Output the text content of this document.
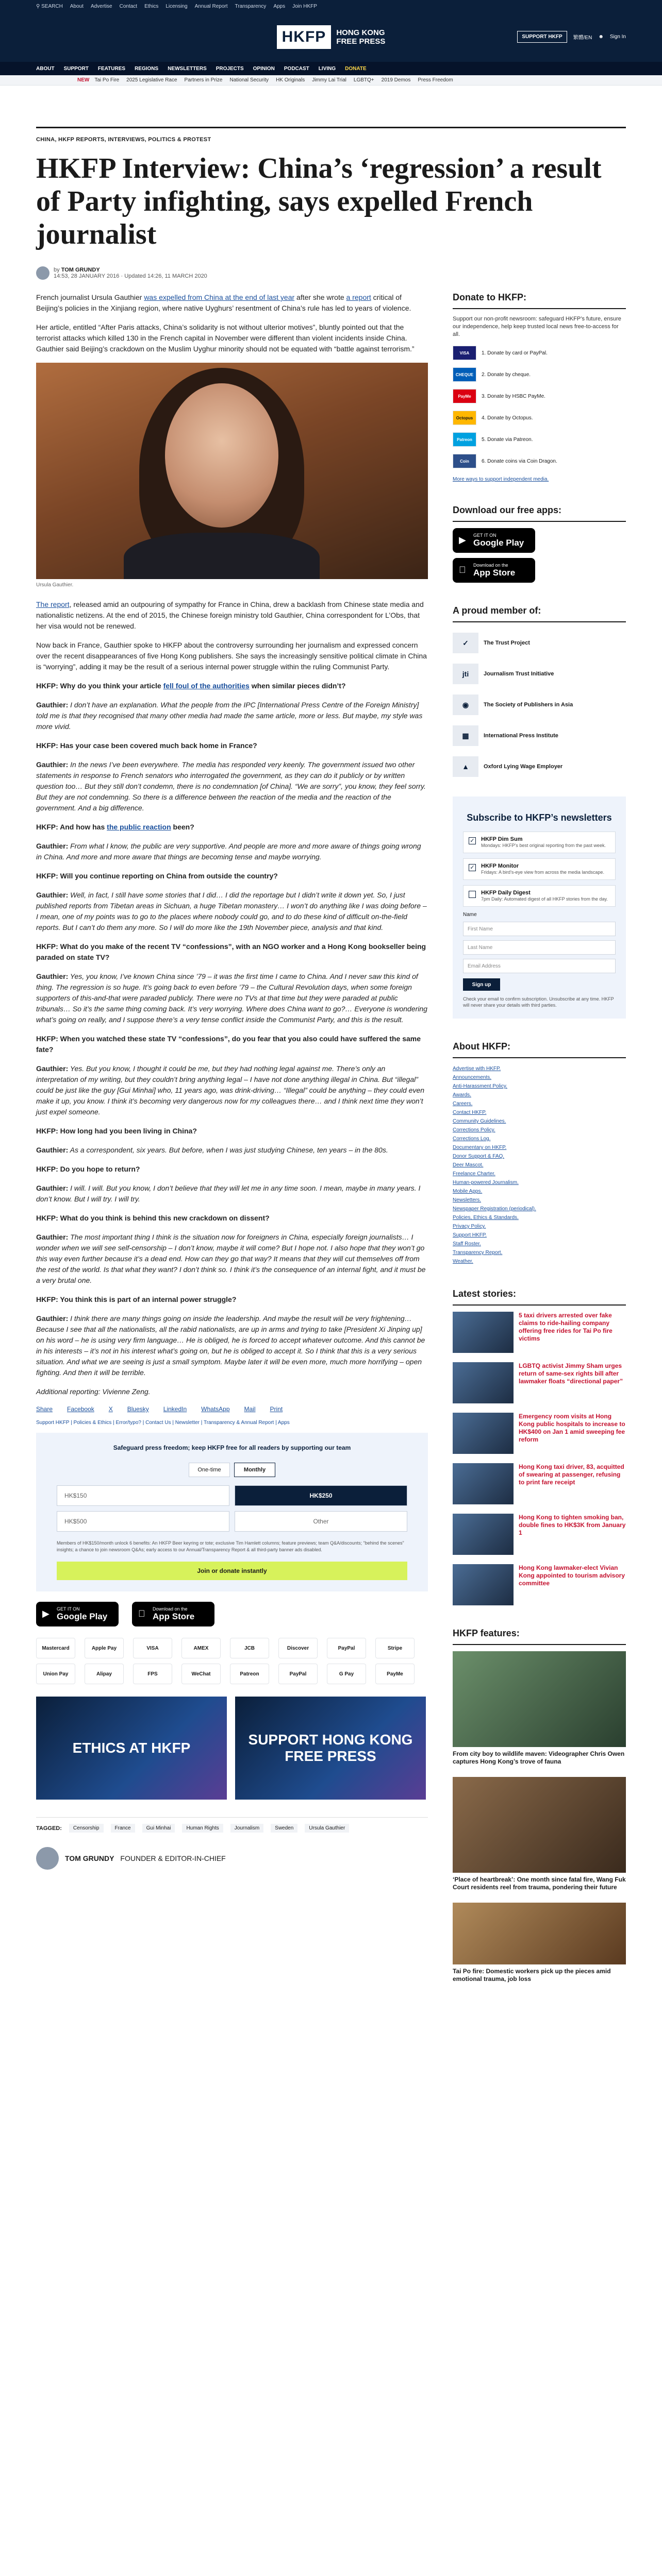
⚲ SEARCH About Advertise Contact Ethics Licensing Annual Report Transparency Apps Join HKFP
HKFP	HONG KONG
FREE PRESS
SUPPORT HKFP	繁體/EN ☻ Sign In
ABOUT SUPPORT FEATURES REGIONS NEWSLETTERS PROJECTS OPINION PODCAST LIVING DONATE
NEW Tai Po Fire 2025 Legislative Race Partners in Prize National Security HK Originals Jimmy Lai Trial LGBTQ+ 2019 Demos Press Freedom
CHINA, HKFP REPORTS, INTERVIEWS, POLITICS & PROTEST
HKFP Interview: China’s ‘regression’ a result of Party infighting, says expelled French journalist
by TOM GRUNDY
14:53, 28 JANUARY 2016 · Updated 14:26, 11 MARCH 2020

French journalist Ursula Gauthier was expelled from China at the end of last year after she wrote a report critical of Beijing’s policies in the Xinjiang region, where native Uyghurs’ resentment of China’s rule has led to years of violence.

Her article, entitled “After Paris attacks, China’s solidarity is not without ulterior motives”, bluntly pointed out that the terrorist attacks which killed 130 in the French capital in November were different than violent incidents inside China. Gauthier said Beijing’s crackdown on the Muslim Uyghur minority should not be equated with “battle against terrorism.”

Ursula Gauthier.

The report, released amid an outpouring of sympathy for France in China, drew a backlash from Chinese state media and nationalistic netizens. At the end of 2015, the Chinese foreign ministry told Gauthier, China correspondent for L’Obs, that her visa would not be renewed.

Now back in France, Gauthier spoke to HKFP about the controversy surrounding her journalism and expressed concern over the recent disappearances of five Hong Kong publishers. She says the increasingly sensitive political climate in China is “worrying”, adding it may be the result of a serious internal power struggle within the ruling Communist Party.

HKFP: Why do you think your article fell foul of the authorities when similar pieces didn’t?

Gauthier: I don’t have an explanation. What the people from the IPC [International Press Centre of the Foreign Ministry] told me is that they recognised that many other media had made the same article, more or less. But maybe, my style was more vivid.

HKFP: Has your case been covered much back home in France?

Gauthier: In the news I’ve been everywhere. The media has responded very keenly. The government issued two other statements in response to French senators who interrogated the government, as they can do it publicly or by written question too… But they still don’t condemn, there is no condemnation [of China]. “We are sorry”, you know, they feel sorry. But they are not condemning. So there is a difference between the reaction of the media and the reaction of the government. And a big difference.

HKFP: And how has the public reaction been?

Gauthier: From what I know, the public are very supportive. And people are more and more aware of things going wrong in China. And more and more aware that things are becoming tense and maybe worrying.

HKFP: Will you continue reporting on China from outside the country?

Gauthier: Well, in fact, I still have some stories that I did… I did the reportage but I didn’t write it down yet. So, I just published reports from Tibetan areas in Sichuan, a huge Tibetan monastery… I won’t do anything like I was doing before – I mean, one of my points was to go to the places where nobody could go, and to do these kind of difficult on-the-field reports. But I can’t do them any more. So I will do more like the 19th November piece, analysis and that kind.

HKFP: What do you make of the recent TV “confessions”, with an NGO worker and a Hong Kong bookseller being paraded on state TV?

Gauthier: Yes, you know, I’ve known China since ’79 – it was the first time I came to China. And I never saw this kind of thing. The regression is so huge. It’s going back to even before ’79 – the Cultural Revolution days, when some foreign supporters of this-and-that were paraded publicly. There were no TVs at that time but they were paraded at public tribunals… So it’s the same thing coming back. It’s very worrying. Where does China want to go?… Everyone is wondering what’s going on really, and I suppose there’s a very tense conflict inside the Communist Party, and this is the result.

HKFP: When you watched these state TV “confessions”, do you fear that you also could have suffered the same fate?

Gauthier: Yes. But you know, I thought it could be me, but they had nothing legal against me. There’s only an interpretation of my writing, but they couldn’t bring anything legal – I have not done anything illegal in China. But “illegal” could be just like the guy [Gui Minhai] who, 11 years ago, was drink-driving… “Illegal” could be anything – they could even make it up, you know. I think it’s becoming very dangerous now for my colleagues there… and I think next time they won’t just expel someone.

HKFP: How long had you been living in China?

Gauthier: As a correspondent, six years. But before, when I was just studying Chinese, ten years – in the 80s.

HKFP: Do you hope to return?

Gauthier: I will. I will. But you know, I don’t believe that they will let me in any time soon. I mean, maybe in many years. I don’t know. But I will try. I will try.

HKFP: What do you think is behind this new crackdown on dissent?

Gauthier: The most important thing I think is the situation now for foreigners in China, especially foreign journalists… I wonder when we will see self-censorship – I don’t know, maybe it will come? But I hope not. I also hope that they won’t go this way even further because it’s a dead end. How can they go that way? It means that they will cut themselves off from the rest of the world. Is that what they want? I don’t think so. I think it’s the consequence of an internal fight, and it must be a very brutal one.

HKFP: You think this is part of an internal power struggle?

Gauthier: I think there are many things going on inside the leadership. And maybe the result will be very frightening… Because I see that all the nationalists, all the rabid nationalists, are up in arms and trying to take [President Xi Jinping up] on his word – he is using very firm language… He is obliged, he is forced to accept whatever outcome. And this cannot be in his interests – it’s not in his interest what’s going on, but he is obliged to accept it. So I think that this is a very serious situation. And what we are seeing is just a small symptom. Maybe later it will be even more, much more horrifying – open fighting. And then it will be terrible.

Additional reporting: Vivienne Zeng.

Share Facebook X Bluesky LinkedIn WhatsApp Mail Print
Support HKFP | Policies & Ethics | Error/typo? | Contact Us | Newsletter | Transparency & Annual Report | Apps
Safeguard press freedom; keep HKFP free for all readers by supporting our team
One-time	Monthly
HK$150	HK$250
HK$500	Other
Members of HK$150/month unlock 6 benefits: An HKFP Beer keyring or tote; exclusive Tim Hamlett columns; feature previews; team Q&A/discounts; “behind the scenes” insights; a chance to join newsroom Q&As; early access to our Annual/Transparency Report & all third-party banner ads disabled.
Join or donate instantly
▶ GET IT ON
Google Play
Download on the
App Store
Mastercard	Apple Pay	VISA	AMEX	JCB	Discover	PayPal	Stripe
Union Pay	Alipay	FPS	WeChat	Patreon	PayPal	G Pay	PayMe
ETHICS AT HKFP
SUPPORT HONG KONG FREE PRESS
TAGGED:	Censorship	France	Gui Minhai	Human Rights	Journalism	Sweden	Ursula Gauthier
TOM GRUNDY FOUNDER & EDITOR-IN-CHIEF
Donate to HKFP:

Support our non-profit newsroom: safeguard HKFP’s future, ensure our independence, help keep trusted local news free-to-access for all.

VISA	1. Donate by card or PayPal.
CHEQUE	2. Donate by cheque.
PayMe	3. Donate by HSBC PayMe.
Octopus	4. Donate by Octopus.
Patreon	5. Donate via Patreon.
Coin	6. Donate coins via Coin Dragon.
More ways to support independent media.
Download our free apps:
▶ GET IT ON
Google Play
Download on the
App Store
A proud member of:
✓	The Trust Project
jti	Journalism Trust Initiative
◉	The Society of Publishers in Asia
▦	International Press Institute
▲	Oxford Lying Wage Employer
Subscribe to HKFP’s newsletters
✓ HKFP Dim Sum
Mondays: HKFP’s best original reporting from the past week.
✓ HKFP Monitor
Fridays: A bird’s-eye view from across the media landscape.
HKFP Daily Digest
7pm Daily: Automated digest of all HKFP stories from the day.
Name
First Name
Last Name
Email Address
Sign up
Check your email to confirm subscription. Unsubscribe at any time. HKFP will never share your details with third parties.
About HKFP:
Advertise with HKFP.
Announcements.
Anti-Harassment Policy.
Awards.
Careers.
Contact HKFP.
Community Guidelines.
Corrections Policy.
Corrections Log.
Documentary on HKFP.
Donor Support & FAQ.
Deer Mascot.
Freelance Charter.
Human-powered Journalism.
Mobile Apps.
Newsletters.
Newspaper Registration (periodical).
Policies, Ethics & Standards.
Privacy Policy.
Support HKFP.
Staff Roster.
Transparency Report.
Weather.
Latest stories:
5 taxi drivers arrested over fake claims to ride-hailing company offering free rides for Tai Po fire victims
LGBTQ activist Jimmy Sham urges return of same-sex rights bill after lawmaker floats “directional paper”
Emergency room visits at Hong Kong public hospitals to increase to HK$400 on Jan 1 amid sweeping fee reform
Hong Kong taxi driver, 83, acquitted of swearing at passenger, refusing to print fare receipt
Hong Kong to tighten smoking ban, double fines to HK$3K from January 1
Hong Kong lawmaker-elect Vivian Kong appointed to tourism advisory committee
HKFP features:
From city boy to wildlife maven: Videographer Chris Owen captures Hong Kong’s trove of fauna
‘Place of heartbreak’: One month since fatal fire, Wang Fuk Court residents reel from trauma, pondering their future
Tai Po fire: Domestic workers pick up the pieces amid emotional trauma, job loss
